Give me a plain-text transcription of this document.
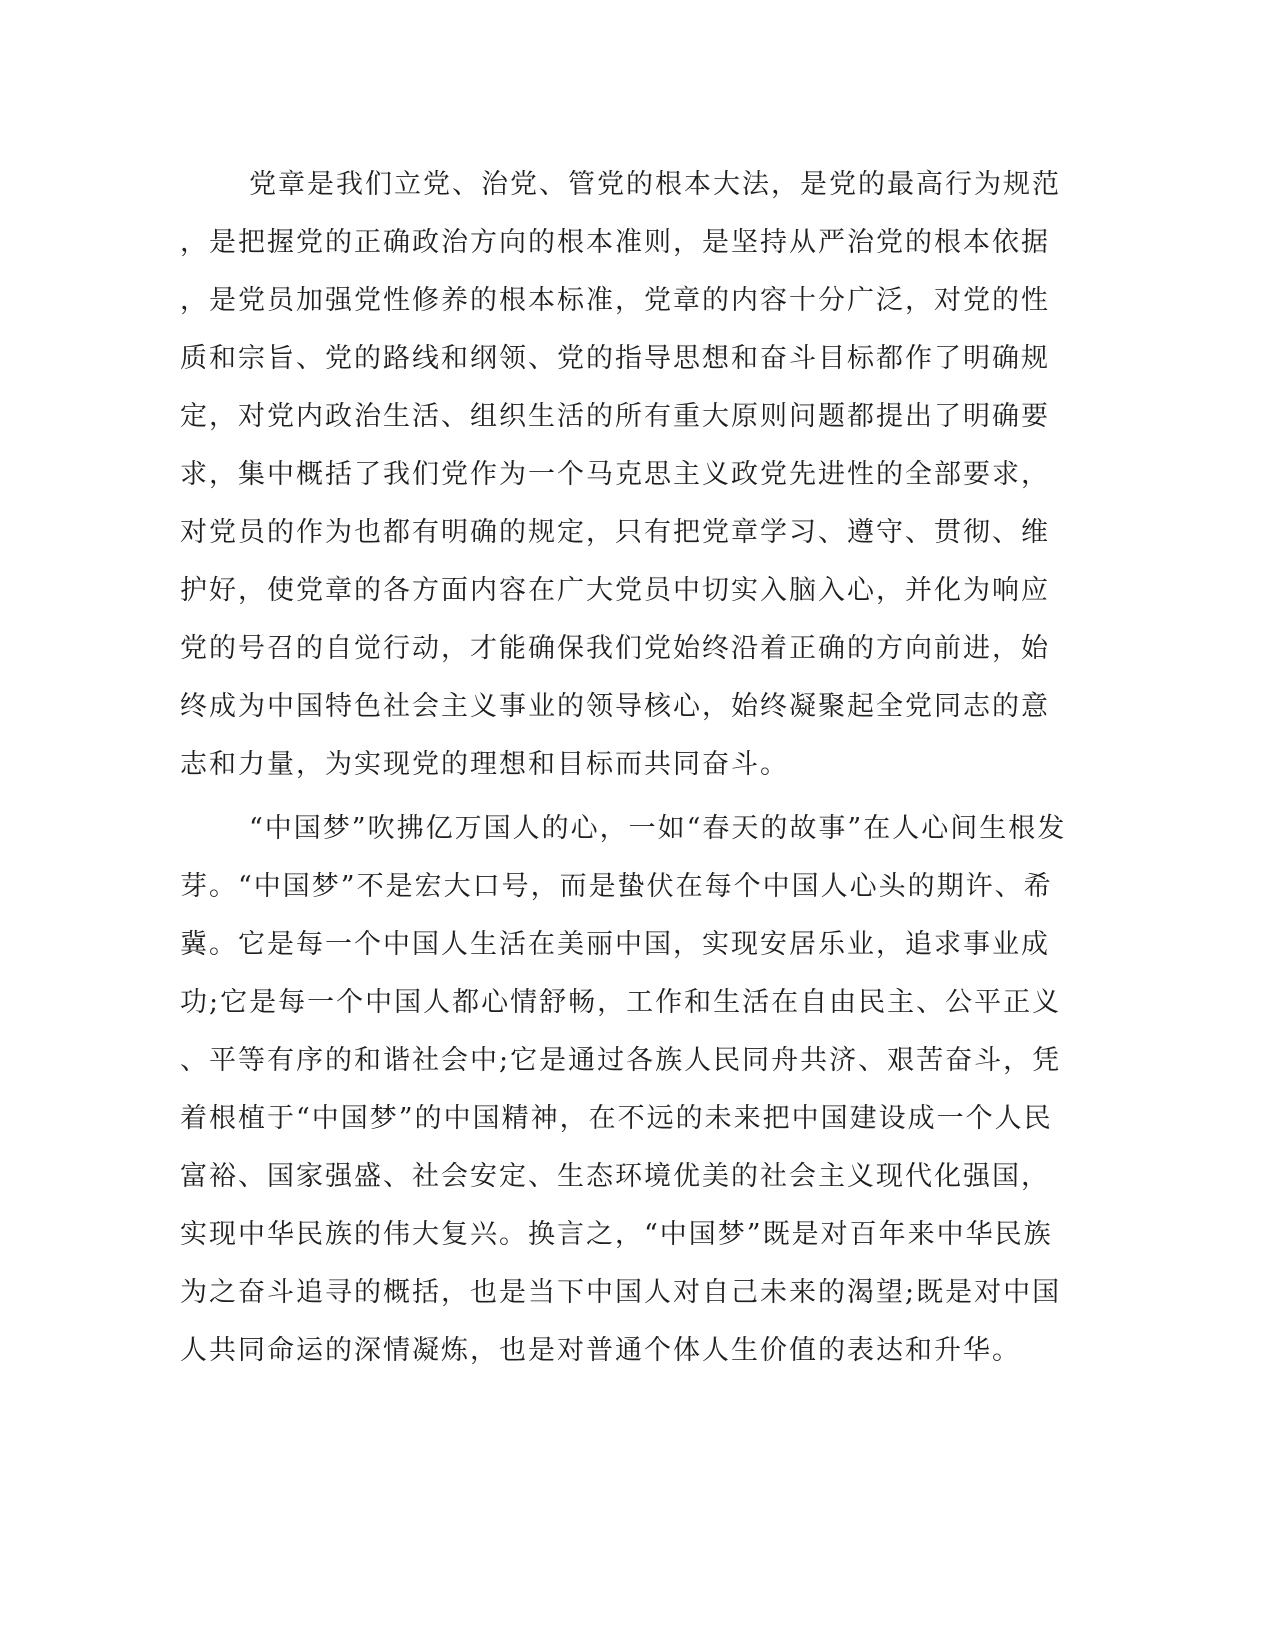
党章是我们立党、治党、管党的根本大法，是党的最高行为规范
，是把握党的正确政治方向的根本准则，是坚持从严治党的根本依据
，是党员加强党性修养的根本标准，党章的内容十分广泛，对党的性
质和宗旨、党的路线和纲领、党的指导思想和奋斗目标都作了明确规
定，对党内政治生活、组织生活的所有重大原则问题都提出了明确要
求，集中概括了我们党作为一个马克思主义政党先进性的全部要求，
对党员的作为也都有明确的规定，只有把党章学习、遵守、贯彻、维
护好，使党章的各方面内容在广大党员中切实入脑入心，并化为响应
党的号召的自觉行动，才能确保我们党始终沿着正确的方向前进，始
终成为中国特色社会主义事业的领导核心，始终凝聚起全党同志的意
志和力量，为实现党的理想和目标而共同奋斗。
“中国梦”吹拂亿万国人的心，一如“春天的故事”在人心间生根发
芽。“中国梦”不是宏大口号，而是蛰伏在每个中国人心头的期许、希
冀。它是每一个中国人生活在美丽中国，实现安居乐业，追求事业成
功;它是每一个中国人都心情舒畅，工作和生活在自由民主、公平正义
、平等有序的和谐社会中;它是通过各族人民同舟共济、艰苦奋斗，凭
着根植于“中国梦”的中国精神，在不远的未来把中国建设成一个人民
富裕、国家强盛、社会安定、生态环境优美的社会主义现代化强国，
实现中华民族的伟大复兴。换言之，“中国梦”既是对百年来中华民族
为之奋斗追寻的概括，也是当下中国人对自己未来的渴望;既是对中国
人共同命运的深情凝炼，也是对普通个体人生价值的表达和升华。
